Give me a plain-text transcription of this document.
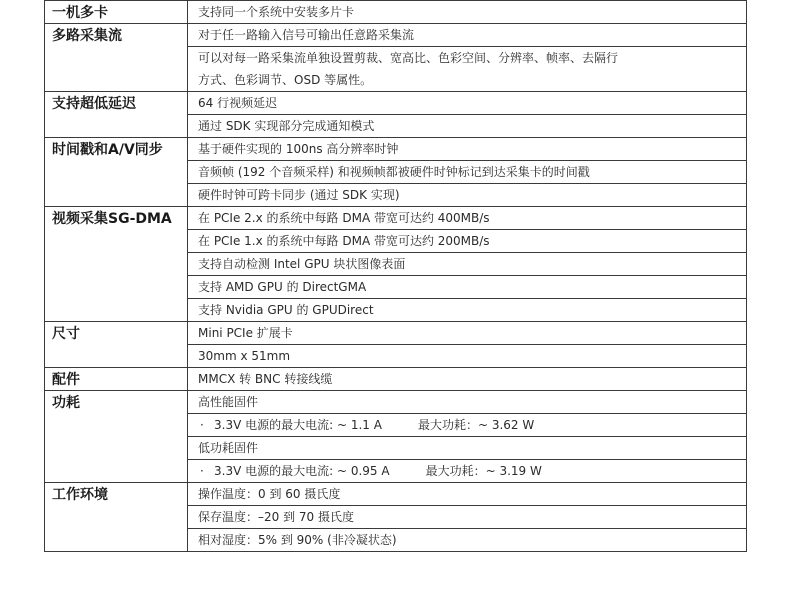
一机多卡	支持同一个系统中安装多片卡
多路采集流	对于任一路输入信号可输出任意路采集流
	可以对每一路采集流单独设置剪裁、宽高比、色彩空间、分辨率、帧率、去隔行
	方式、色彩调节、OSD 等属性。
支持超低延迟	64 行视频延迟
	通过 SDK 实现部分完成通知模式
时间戳和A/V同步	基于硬件实现的 100ns 高分辨率时钟
	音频帧 (192 个音频采样) 和视频帧都被硬件时钟标记到达采集卡的时间戳
	硬件时钟可跨卡同步 (通过 SDK 实现)
视频采集SG-DMA	在 PCIe 2.x 的系统中每路 DMA 带宽可达约 400MB/s
	在 PCIe 1.x 的系统中每路 DMA 带宽可达约 200MB/s
	支持自动检测 Intel GPU 块状图像表面
	支持 AMD GPU 的 DirectGMA
	支持 Nvidia GPU 的 GPUDirect
尺寸	Mini PCIe 扩展卡
	30mm x 51mm
配件	MMCX 转 BNC 转接线缆
功耗	高性能固件
	· 3.3V 电源的最大电流: ~ 1.1 A 最大功耗：~ 3.62 W
	低功耗固件
	· 3.3V 电源的最大电流: ~ 0.95 A 最大功耗：~ 3.19 W
工作环境	操作温度：0 到 60 摄氏度
	保存温度：–20 到 70 摄氏度
	相对湿度：5% 到 90% (非冷凝状态)
